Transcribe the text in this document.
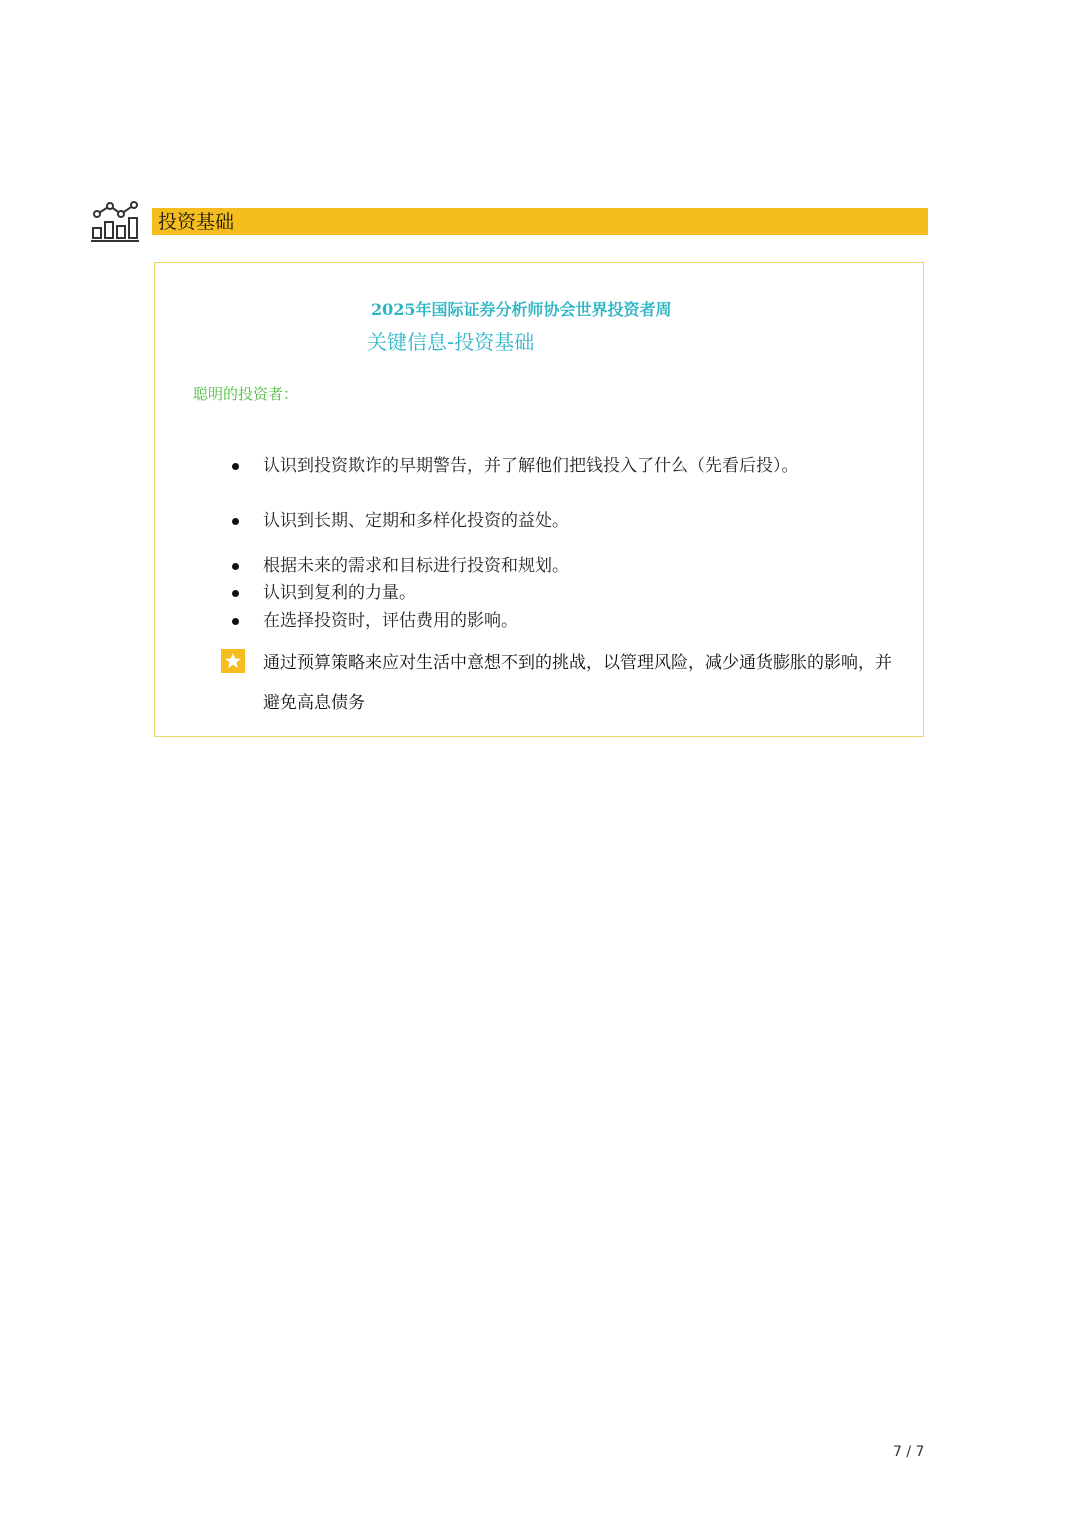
投资基础
2025年国际证券分析师协会世界投资者周
关键信息-投资基础
聪明的投资者：
认识到投资欺诈的早期警告，并了解他们把钱投入了什么（先看后投）。
认识到长期、定期和多样化投资的益处。
根据未来的需求和目标进行投资和规划。
认识到复利的力量。
在选择投资时，评估费用的影响。
通过预算策略来应对生活中意想不到的挑战，以管理风险，减少通货膨胀的影响，并避免高息债务
7 / 7
